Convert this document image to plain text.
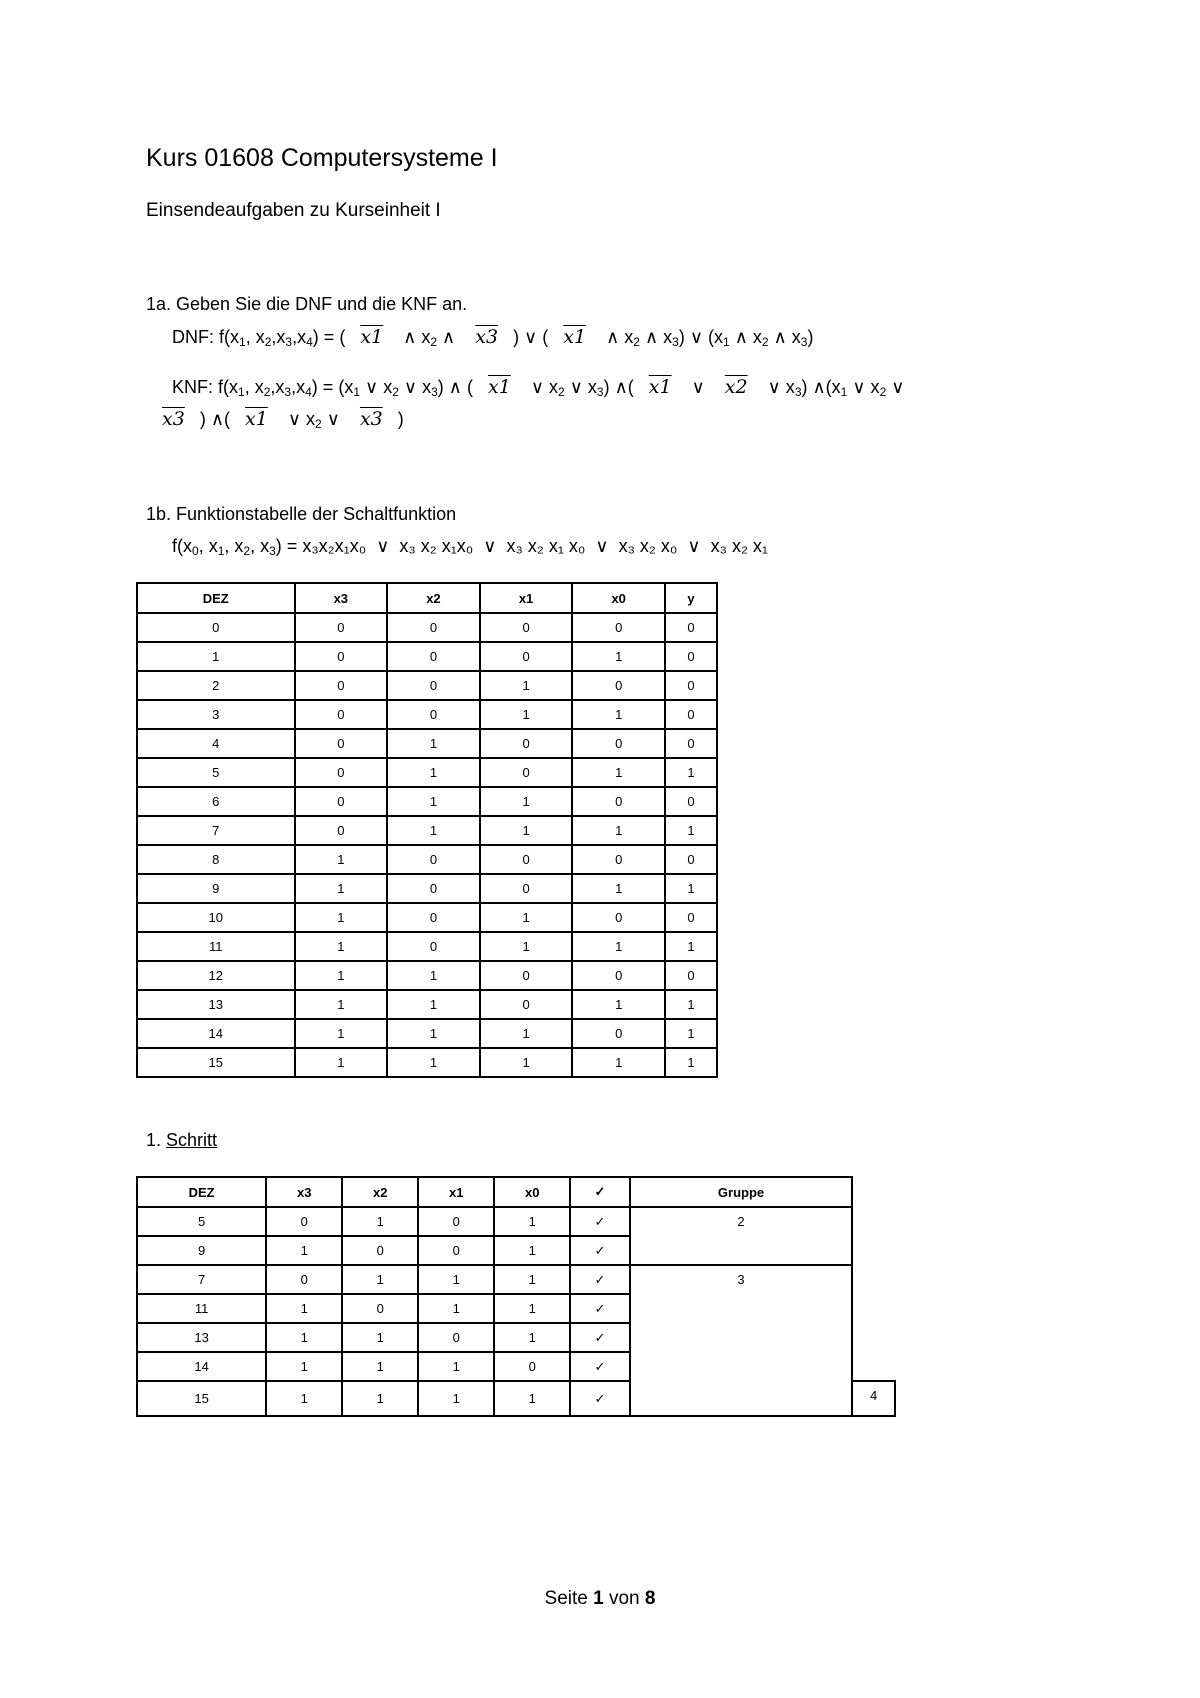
Kurs 01608 Computersysteme I
Einsendeaufgaben zu Kurseinheit I
1a. Geben Sie die DNF und die KNF an.
DNF: $f(x_1$, $x_2,x_3,x_4$) = ( x1 ∧ $x_2$ ∧    x3 ) ∨ ( x1 ∧ $x_2$ ∧ $x_3$) ∨ ($x_1$ ∧ $x_2$ ∧ $x_3$)
KNF: $f(x_1$, $x_2,x_3,x_4) = (x_1$ ∨ $x_2$ ∨ $x_3$) ∧ ( x1 ∨ $x_2$ ∨ $x_3$) ∧( x1 ∨ x2 ∨ $x_3$) $\wedge(x_1$ ∨ $x_2$ ∨
x3 ) ∧( x1 ∨ $x_2$ ∨ x3 )
1b. Funktionstabelle der Schaltfunktion
$f(x_0$, $x_1$, $x_2$, $x_3) = x_3x_2x_1x_0$ ∨ x₃ x₂ x₁x₀ ∨ x₃ x₂ x₁ x₀ ∨ x₃ x₂ x₀ ∨ x₃ x₂ x₁
DEZ	x3	x2	x1	x0	y
0	0	0	0	0	0
1	0	0	0	1	0
2	0	0	1	0	0
3	0	0	1	1	0
4	0	1	0	0	0
5	0	1	0	1	1
6	0	1	1	0	0
7	0	1	1	1	1
8	1	0	0	0	0
9	1	0	0	1	1
10	1	0	1	0	0
11	1	0	1	1	1
12	1	1	0	0	0
13	1	1	0	1	1
14	1	1	1	0	1
15	1	1	1	1	1
1. Schritt
DEZ	x3	x2	x1	x0	✓	Gruppe	
5	0	1	0	1	✓	2	
9	1	0	0	1	✓		
7	0	1	1	1	✓	3	
11	1	0	1	1	✓		
13	1	1	0	1	✓		
14	1	1	1	0	✓		
15	1	1	1	1	✓		4
Seite 1 von 8
